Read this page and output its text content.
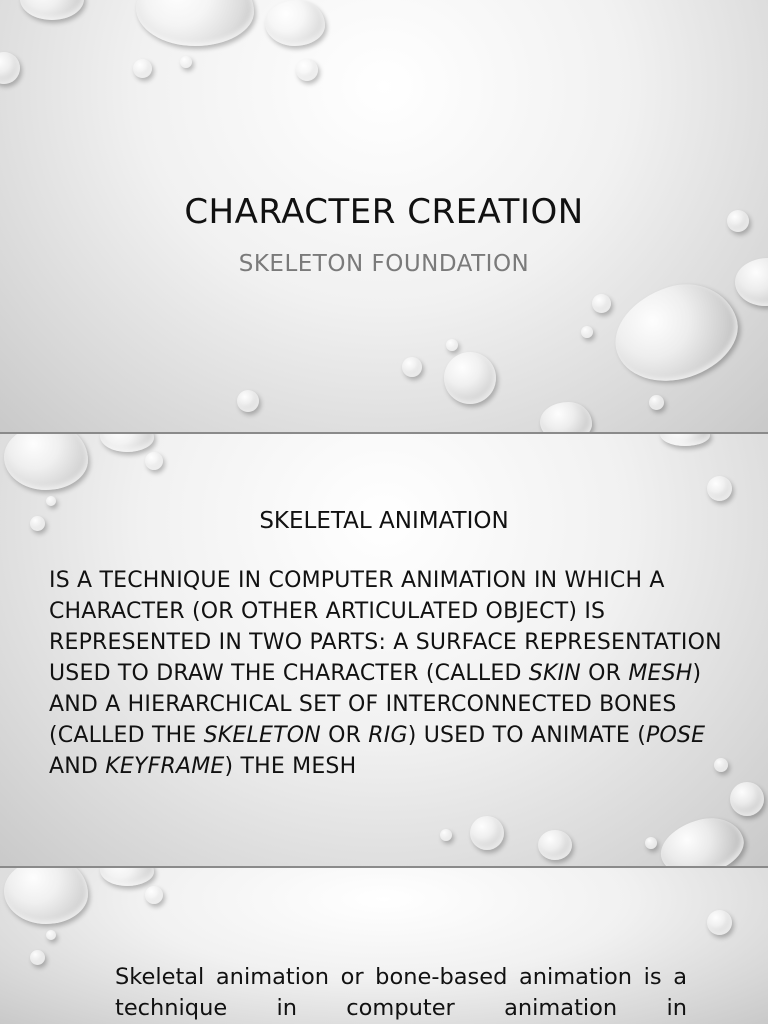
CHARACTER CREATION
SKELETON FOUNDATION
SKELETAL ANIMATION
IS A TECHNIQUE IN COMPUTER ANIMATION IN WHICH A CHARACTER (OR OTHER ARTICULATED OBJECT) IS REPRESENTED IN TWO PARTS: A SURFACE REPRESENTATION USED TO DRAW THE CHARACTER (CALLED SKIN OR MESH) AND A HIERARCHICAL SET OF INTERCONNECTED BONES (CALLED THE SKELETON OR RIG) USED TO ANIMATE (POSE AND KEYFRAME) THE MESH
Skeletal animation or bone-based animation is a technique in computer animation in
